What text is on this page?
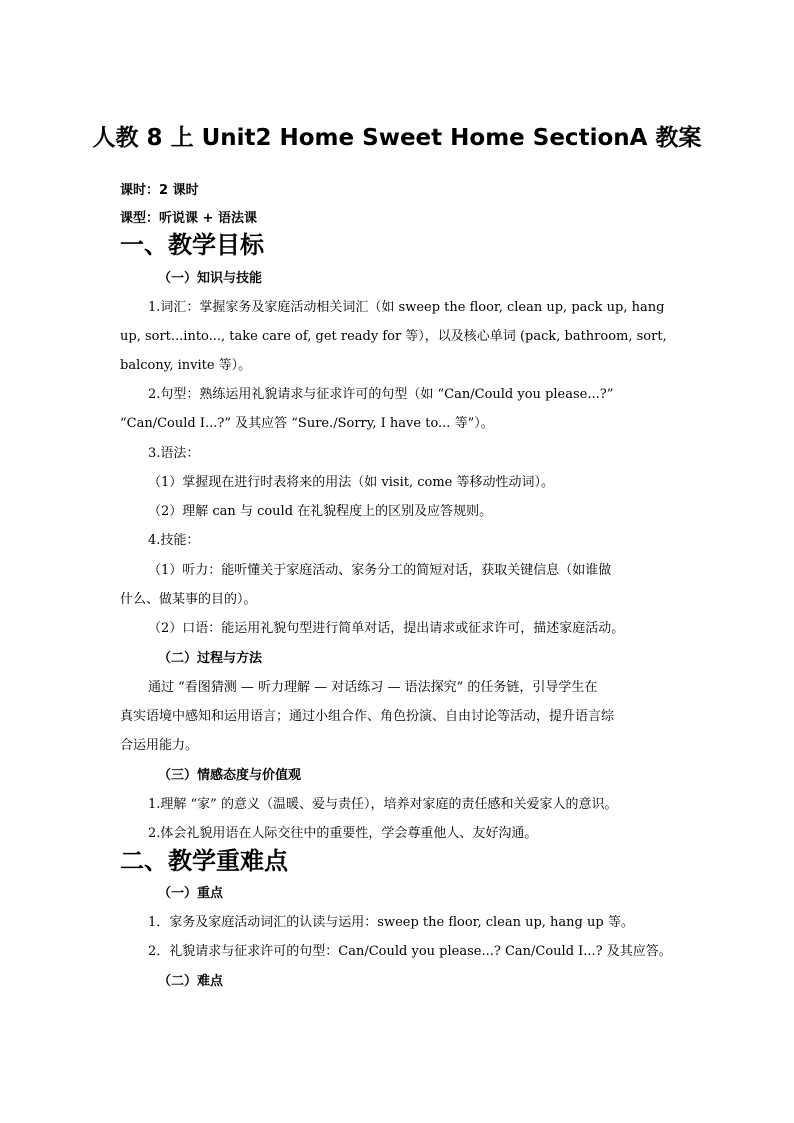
人教 8 上 Unit2 Home Sweet Home SectionA 教案
课时：2 课时
课型：听说课 + 语法课
一、教学目标
（一）知识与技能
1.词汇：掌握家务及家庭活动相关词汇（如 sweep the floor, clean up, pack up, hang
up, sort...into..., take care of, get ready for 等），以及核心单词 (pack, bathroom, sort,
balcony, invite 等）。
2.句型：熟练运用礼貌请求与征求许可的句型（如 “Can/Could you please...?”
“Can/Could I...?” 及其应答 “Sure./Sorry, I have to... 等”）。
3.语法：
（1）掌握现在进行时表将来的用法（如 visit, come 等移动性动词）。
（2）理解 can 与 could 在礼貌程度上的区别及应答规则。
4.技能：
（1）听力：能听懂关于家庭活动、家务分工的简短对话，获取关键信息（如谁做
什么、做某事的目的）。
（2）口语：能运用礼貌句型进行简单对话，提出请求或征求许可，描述家庭活动。
（二）过程与方法
通过 “看图猜测 — 听力理解 — 对话练习 — 语法探究” 的任务链，引导学生在
真实语境中感知和运用语言；通过小组合作、角色扮演、自由讨论等活动，提升语言综
合运用能力。
（三）情感态度与价值观
1.理解 “家” 的意义（温暖、爱与责任），培养对家庭的责任感和关爱家人的意识。
2.体会礼貌用语在人际交往中的重要性，学会尊重他人、友好沟通。
二、教学重难点
（一）重点
1．家务及家庭活动词汇的认读与运用：sweep the floor, clean up, hang up 等。
2．礼貌请求与征求许可的句型：Can/Could you please...? Can/Could I...? 及其应答。
（二）难点
